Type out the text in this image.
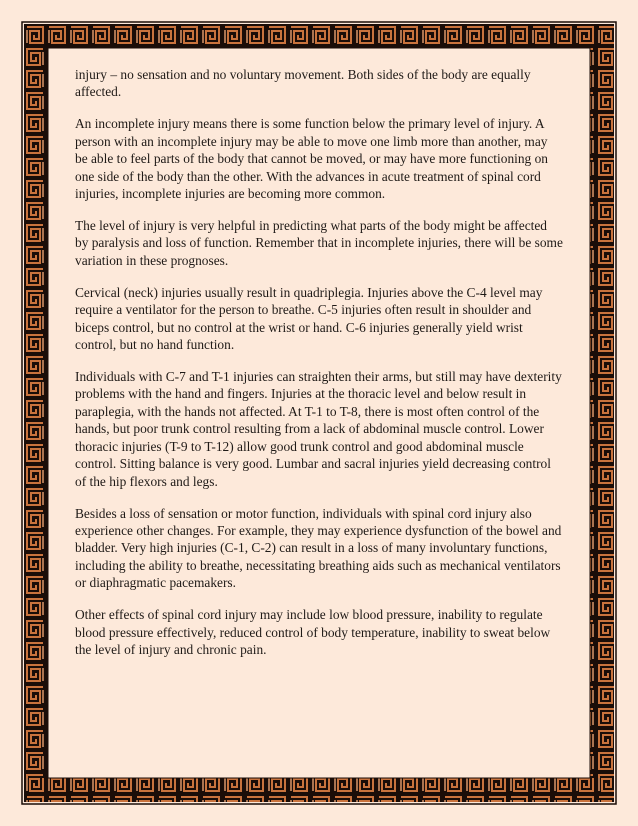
injury – no sensation and no voluntary movement. Both sides of the body are equally affected.

An incomplete injury means there is some function below the primary level of injury. A person with an incomplete injury may be able to move one limb more than another, may be able to feel parts of the body that cannot be moved, or may have more functioning on one side of the body than the other. With the advances in acute treatment of spinal cord injuries, incomplete injuries are becoming more common.

The level of injury is very helpful in predicting what parts of the body might be affected by paralysis and loss of function. Remember that in incomplete injuries, there will be some variation in these prognoses.

Cervical (neck) injuries usually result in quadriplegia. Injuries above the C-4 level may require a ventilator for the person to breathe. C-5 injuries often result in shoulder and biceps control, but no control at the wrist or hand. C-6 injuries generally yield wrist control, but no hand function.

Individuals with C-7 and T-1 injuries can straighten their arms, but still may have dexterity problems with the hand and fingers. Injuries at the thoracic level and below result in paraplegia, with the hands not affected. At T-1 to T-8, there is most often control of the hands, but poor trunk control resulting from a lack of abdominal muscle control. Lower thoracic injuries (T-9 to T-12) allow good trunk control and good abdominal muscle control. Sitting balance is very good. Lumbar and sacral injuries yield decreasing control of the hip flexors and legs.

Besides a loss of sensation or motor function, individuals with spinal cord injury also experience other changes. For example, they may experience dysfunction of the bowel and bladder. Very high injuries (C-1, C-2) can result in a loss of many involuntary functions, including the ability to breathe, necessitating breathing aids such as mechanical ventilators or diaphragmatic pacemakers.

Other effects of spinal cord injury may include low blood pressure, inability to regulate blood pressure effectively, reduced control of body temperature, inability to sweat below the level of injury and chronic pain.
